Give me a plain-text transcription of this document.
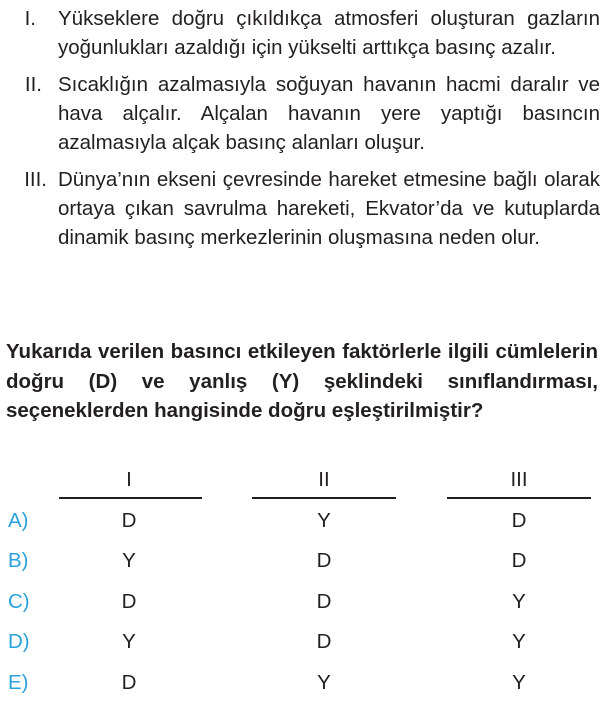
I. Yükseklere doğru çıkıldıkça atmosferi oluşturan gazların yoğunlukları azaldığı için yükselti arttıkça basınç azalır.
II. Sıcaklığın azalmasıyla soğuyan havanın hacmi daralır ve hava alçalır. Alçalan havanın yere yaptığı basıncın azalmasıyla alçak basınç alanları oluşur.
III. Dünya’nın ekseni çevresinde hareket etmesine bağlı olarak ortaya çıkan savrulma hareketi, Ekvator’da ve kutuplarda dinamik basınç merkezlerinin oluşmasına neden olur.
Yukarıda verilen basıncı etkileyen faktörlerle ilgili cümlelerin doğru (D) ve yanlış (Y) şeklindeki sınıflandırması, seçeneklerden hangisinde doğru eşleştirilmiştir?
I	II	III
A)	D	Y	D
B)	Y	D	D
C)	D	D	Y
D)	Y	D	Y
E)	D	Y	Y
